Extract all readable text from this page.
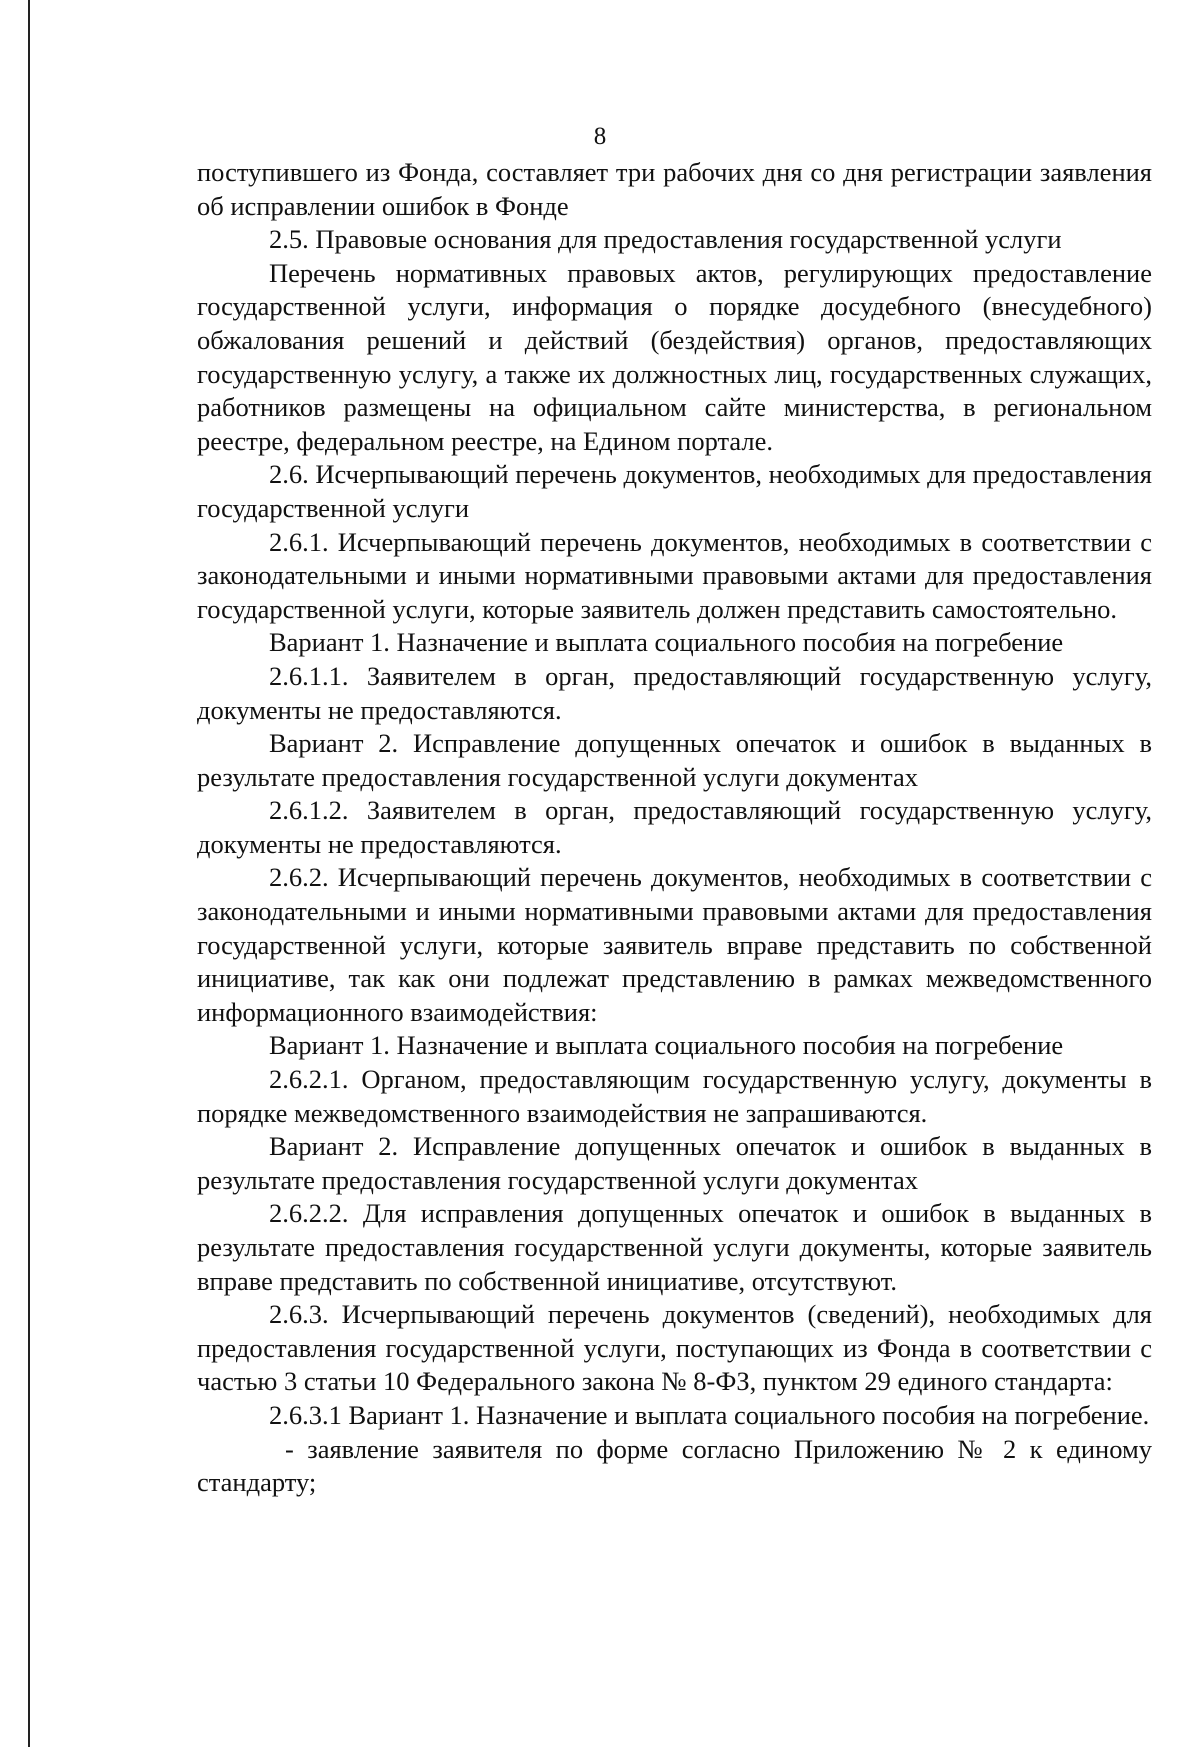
8

поступившего из Фонда, составляет три рабочих дня со дня регистрации заявления об исправлении ошибок в Фонде

2.5. Правовые основания для предоставления государственной услуги

Перечень нормативных правовых актов, регулирующих предоставление государственной услуги, информация о порядке досудебного (внесудебного) обжалования решений и действий (бездействия) органов, предоставляющих государственную услугу, а также их должностных лиц, государственных служащих, работников размещены на официальном сайте министерства, в региональном реестре, федеральном реестре, на Едином портале.

2.6. Исчерпывающий перечень документов, необходимых для предоставления государственной услуги

2.6.1. Исчерпывающий перечень документов, необходимых в соответствии с законодательными и иными нормативными правовыми актами для предоставления государственной услуги, которые заявитель должен представить самостоятельно.

Вариант 1. Назначение и выплата социального пособия на погребение

2.6.1.1. Заявителем в орган, предоставляющий государственную услугу, документы не предоставляются.

Вариант 2. Исправление допущенных опечаток и ошибок в выданных в результате предоставления государственной услуги документах

2.6.1.2. Заявителем в орган, предоставляющий государственную услугу, документы не предоставляются.

2.6.2. Исчерпывающий перечень документов, необходимых в соответствии с законодательными и иными нормативными правовыми актами для предоставления государственной услуги, которые заявитель вправе представить по собственной инициативе, так как они подлежат представлению в рамках межведомственного информационного взаимодействия:

Вариант 1. Назначение и выплата социального пособия на погребение

2.6.2.1. Органом, предоставляющим государственную услугу, документы в порядке межведомственного взаимодействия не запрашиваются.

Вариант 2. Исправление допущенных опечаток и ошибок в выданных в результате предоставления государственной услуги документах

2.6.2.2. Для исправления допущенных опечаток и ошибок в выданных в результате предоставления государственной услуги документы, которые заявитель вправе представить по собственной инициативе, отсутствуют.

2.6.3. Исчерпывающий перечень документов (сведений), необходимых для предоставления государственной услуги, поступающих из Фонда в соответствии с частью 3 статьи 10 Федерального закона № 8-ФЗ, пунктом 29 единого стандарта:

2.6.3.1 Вариант 1. Назначение и выплата социального пособия на погребение.

- заявление заявителя по форме согласно Приложению № 2 к единому стандарту;
